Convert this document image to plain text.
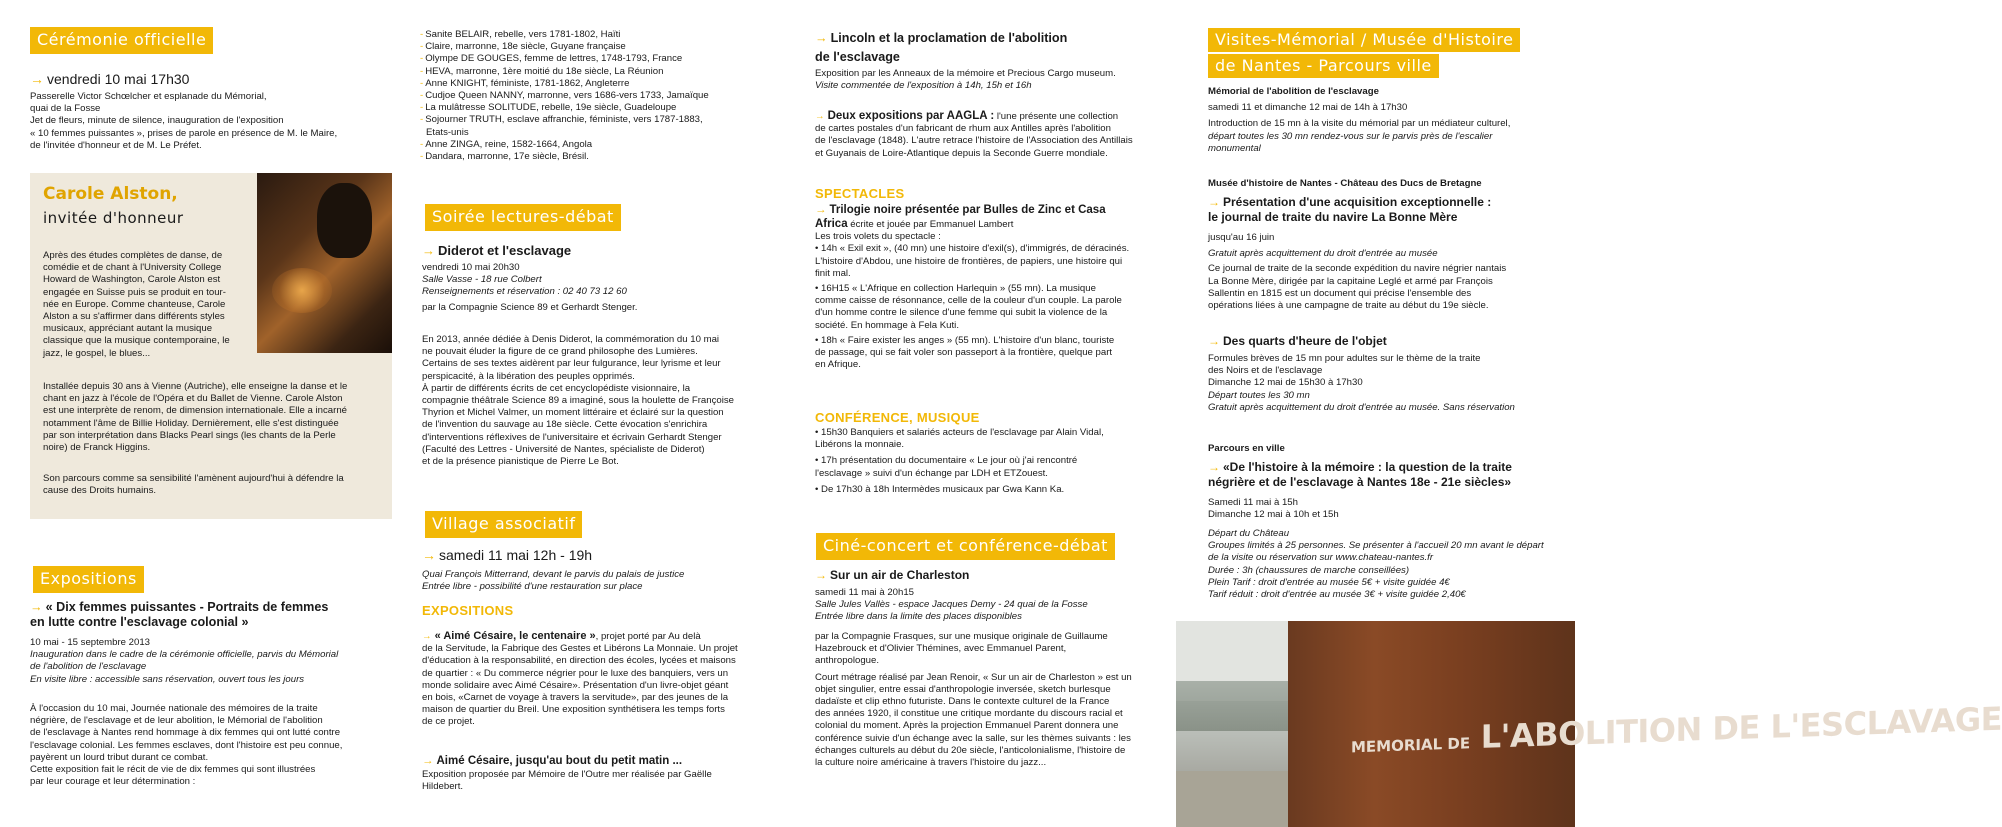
Cérémonie officielle
→ vendredi 10 mai 17h30
Passerelle Victor Schœlcher et esplanade du Mémorial,
quai de la Fosse
Jet de fleurs, minute de silence, inauguration de l'exposition
« 10 femmes puissantes », prises de parole en présence de M. le Maire,
de l'invitée d'honneur et de M. Le Préfet.
Carole Alston,
invitée d'honneur
Après des études complètes de danse, de
comédie et de chant à l'University College
Howard de Washington, Carole Alston est
engagée en Suisse puis se produit en tour-
née en Europe. Comme chanteuse, Carole
Alston a su s'affirmer dans différents styles
musicaux, appréciant autant la musique
classique que la musique contemporaine, le
jazz, le gospel, le blues...
Installée depuis 30 ans à Vienne (Autriche), elle enseigne la danse et le
chant en jazz à l'école de l'Opéra et du Ballet de Vienne. Carole Alston
est une interprète de renom, de dimension internationale. Elle a incarné
notamment l'âme de Billie Holiday. Dernièrement, elle s'est distinguée
par son interprétation dans Blacks Pearl sings (les chants de la Perle
noire) de Franck Higgins.
Son parcours comme sa sensibilité l'amènent aujourd'hui à défendre la
cause des Droits humains.
Expositions
→ « Dix femmes puissantes - Portraits de femmes
en lutte contre l'esclavage colonial »
10 mai - 15 septembre 2013
Inauguration dans le cadre de la cérémonie officielle, parvis du Mémorial
de l'abolition de l'esclavage
En visite libre : accessible sans réservation, ouvert tous les jours
À l'occasion du 10 mai, Journée nationale des mémoires de la traite
négrière, de l'esclavage et de leur abolition, le Mémorial de l'abolition
de l'esclavage à Nantes rend hommage à dix femmes qui ont lutté contre
l'esclavage colonial. Les femmes esclaves, dont l'histoire est peu connue,
payèrent un lourd tribut durant ce combat.
Cette exposition fait le récit de vie de dix femmes qui sont illustrées
par leur courage et leur détermination :
- Sanite BELAIR, rebelle, vers 1781-1802, Haïti
- Claire, marronne, 18e siècle, Guyane française
- Olympe DE GOUGES, femme de lettres, 1748-1793, France
- HEVA, marronne, 1ère moitié du 18e siècle, La Réunion
- Anne KNIGHT, féministe, 1781-1862, Angleterre
- Cudjoe Queen NANNY, marronne, vers 1686-vers 1733, Jamaïque
- La mulâtresse SOLITUDE, rebelle, 19e siècle, Guadeloupe
- Sojourner TRUTH, esclave affranchie, féministe, vers 1787-1883,
Etats-unis
- Anne ZINGA, reine, 1582-1664, Angola
- Dandara, marronne, 17e siècle, Brésil.
Soirée lectures-débat
→ Diderot et l'esclavage
vendredi 10 mai 20h30
Salle Vasse - 18 rue Colbert
Renseignements et réservation : 02 40 73 12 60
par la Compagnie Science 89 et Gerhardt Stenger.
En 2013, année dédiée à Denis Diderot, la commémoration du 10 mai
ne pouvait éluder la figure de ce grand philosophe des Lumières.
Certains de ses textes aidèrent par leur fulgurance, leur lyrisme et leur
perspicacité, à la libération des peuples opprimés.
À partir de différents écrits de cet encyclopédiste visionnaire, la
compagnie théâtrale Science 89 a imaginé, sous la houlette de Françoise
Thyrion et Michel Valmer, un moment littéraire et éclairé sur la question
de l'invention du sauvage au 18e siècle. Cette évocation s'enrichira
d'interventions réflexives de l'universitaire et écrivain Gerhardt Stenger
(Faculté des Lettres - Université de Nantes, spécialiste de Diderot)
et de la présence pianistique de Pierre Le Bot.
Village associatif
→ samedi 11 mai 12h - 19h
Quai François Mitterrand, devant le parvis du palais de justice
Entrée libre - possibilité d'une restauration sur place
EXPOSITIONS
→ « Aimé Césaire, le centenaire », projet porté par Au delà
de la Servitude, la Fabrique des Gestes et Libérons La Monnaie. Un projet
d'éducation à la responsabilité, en direction des écoles, lycées et maisons
de quartier : « Du commerce négrier pour le luxe des banquiers, vers un
monde solidaire avec Aimé Césaire». Présentation d'un livre-objet géant
en bois, «Carnet de voyage à travers la servitude», par des jeunes de la
maison de quartier du Breil. Une exposition synthétisera les temps forts
de ce projet.
→ Aimé Césaire, jusqu'au bout du petit matin ...
Exposition proposée par Mémoire de l'Outre mer réalisée par Gaëlle
Hildebert.
→ Lincoln et la proclamation de l'abolition
de l'esclavage
Exposition par les Anneaux de la mémoire et Precious Cargo museum.
Visite commentée de l'exposition à 14h, 15h et 16h
→ Deux expositions par AAGLA : l'une présente une collection
de cartes postales d'un fabricant de rhum aux Antilles après l'abolition
de l'esclavage (1848). L'autre retrace l'histoire de l'Association des Antillais
et Guyanais de Loire-Atlantique depuis la Seconde Guerre mondiale.
SPECTACLES
→ Trilogie noire présentée par Bulles de Zinc et Casa
Africa écrite et jouée par Emmanuel Lambert
Les trois volets du spectacle :
• 14h « Exil exit », (40 mn) une histoire d'exil(s), d'immigrés, de déracinés.
L'histoire d'Abdou, une histoire de frontières, de papiers, une histoire qui
finit mal.
• 16H15 « L'Afrique en collection Harlequin » (55 mn). La musique
comme caisse de résonnance, celle de la couleur d'un couple. La parole
d'un homme contre le silence d'une femme qui subit la violence de la
société. En hommage à Fela Kuti.
• 18h « Faire exister les anges » (55 mn). L'histoire d'un blanc, touriste
de passage, qui se fait voler son passeport à la frontière, quelque part
en Afrique.
CONFÉRENCE, MUSIQUE
• 15h30 Banquiers et salariés acteurs de l'esclavage par Alain Vidal,
Libérons la monnaie.
• 17h présentation du documentaire « Le jour où j'ai rencontré
l'esclavage » suivi d'un échange par LDH et ETZouest.
• De 17h30 à 18h Intermèdes musicaux par Gwa Kann Ka.
Ciné-concert et conférence-débat
→ Sur un air de Charleston
samedi 11 mai à 20h15
Salle Jules Vallès - espace Jacques Demy - 24 quai de la Fosse
Entrée libre dans la limite des places disponibles
par la Compagnie Frasques, sur une musique originale de Guillaume
Hazebrouck et d'Olivier Thémines, avec Emmanuel Parent,
anthropologue.
Court métrage réalisé par Jean Renoir, « Sur un air de Charleston » est un
objet singulier, entre essai d'anthropologie inversée, sketch burlesque
dadaïste et clip ethno futuriste. Dans le contexte culturel de la France
des années 1920, il constitue une critique mordante du discours racial et
colonial du moment. Après la projection Emmanuel Parent donnera une
conférence suivie d'un échange avec la salle, sur les thèmes suivants : les
échanges culturels au début du 20e siècle, l'anticolonialisme, l'histoire de
la culture noire américaine à travers l'histoire du jazz...
Visites-Mémorial / Musée d'Histoire
de Nantes - Parcours ville
Mémorial de l'abolition de l'esclavage
samedi 11 et dimanche 12 mai de 14h à 17h30
Introduction de 15 mn à la visite du mémorial par un médiateur culturel,
départ toutes les 30 mn rendez-vous sur le parvis près de l'escalier
monumental
Musée d'histoire de Nantes - Château des Ducs de Bretagne
→ Présentation d'une acquisition exceptionnelle :
le journal de traite du navire La Bonne Mère
jusqu'au 16 juin
Gratuit après acquittement du droit d'entrée au musée
Ce journal de traite de la seconde expédition du navire négrier nantais
La Bonne Mère, dirigée par la capitaine Leglé et armé par François
Sallentin en 1815 est un document qui précise l'ensemble des
opérations liées à une campagne de traite au début du 19e siècle.
→ Des quarts d'heure de l'objet
Formules brèves de 15 mn pour adultes sur le thème de la traite
des Noirs et de l'esclavage
Dimanche 12 mai de 15h30 à 17h30
Départ toutes les 30 mn
Gratuit après acquittement du droit d'entrée au musée. Sans réservation
Parcours en ville
→ «De l'histoire à la mémoire : la question de la traite
négrière et de l'esclavage à Nantes 18e - 21e siècles»
Samedi 11 mai à 15h
Dimanche 12 mai à 10h et 15h
Départ du Château
Groupes limités à 25 personnes. Se présenter à l'accueil 20 mn avant le départ
de la visite ou réservation sur www.chateau-nantes.fr
Durée : 3h (chaussures de marche conseillées)
Plein Tarif : droit d'entrée au musée 5€ + visite guidée 4€
Tarif réduit : droit d'entrée au musée 3€ + visite guidée 2,40€
MEMORIAL DE L'ABOLITION DE L'ESCLAVAGE
